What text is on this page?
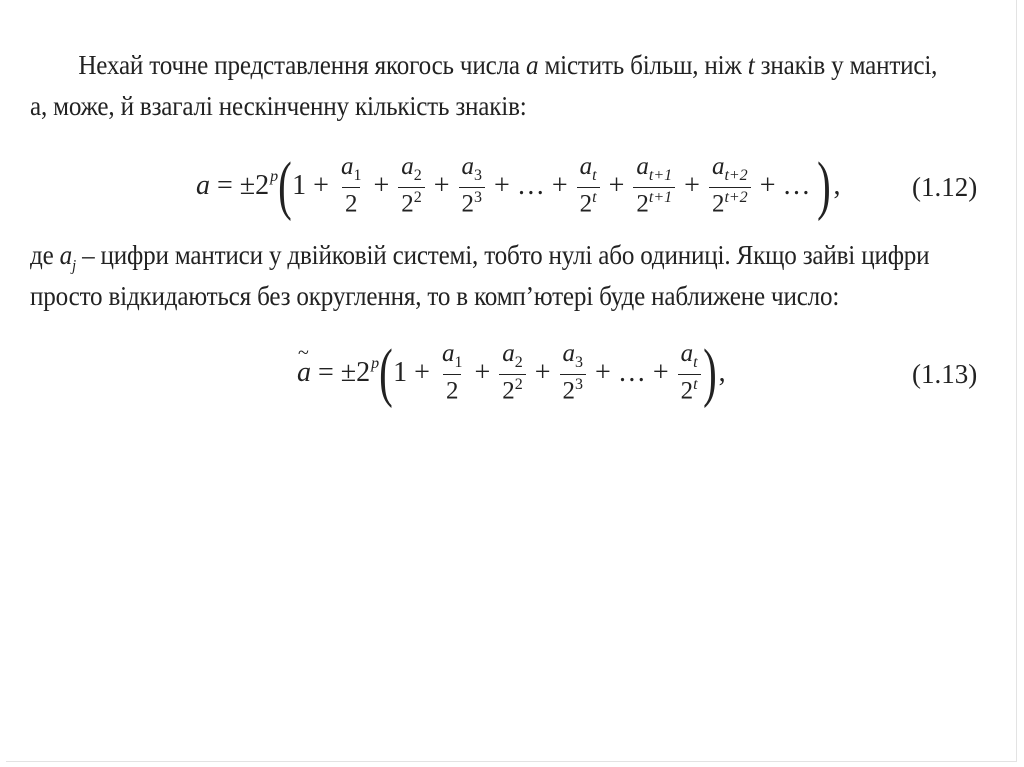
Нехай точне представлення якогось числа a містить більш, ніж t знаків у мантисі,
а, може, й взагалі нескінченну кількість знаків:
$a = \pm 2^p$ ( $1 + \frac{a_1}{2} + \frac{a_2}{2^2} + \frac{a_3}{2^3}$ + … + $\frac{a_t}{2^t} + \frac{a_{t+1}}{2^{t+1}} + \frac{a_{t+2}}{2^{t+2}}$ + … ) ,	(1.12)
де $a_j$ – цифри мантиси у двійковій системі, тобто нулі або одиниці. Якщо зайві цифри
просто відкидаються без округлення, то в комп’ютері буде наближене число:
~ $a = \pm 2^p$ ( $1 + \frac{a_1}{2} + \frac{a_2}{2^2} + \frac{a_3}{2^3}$ + … + $\frac{a_t}{2^t}$ ) ,	(1.13)
